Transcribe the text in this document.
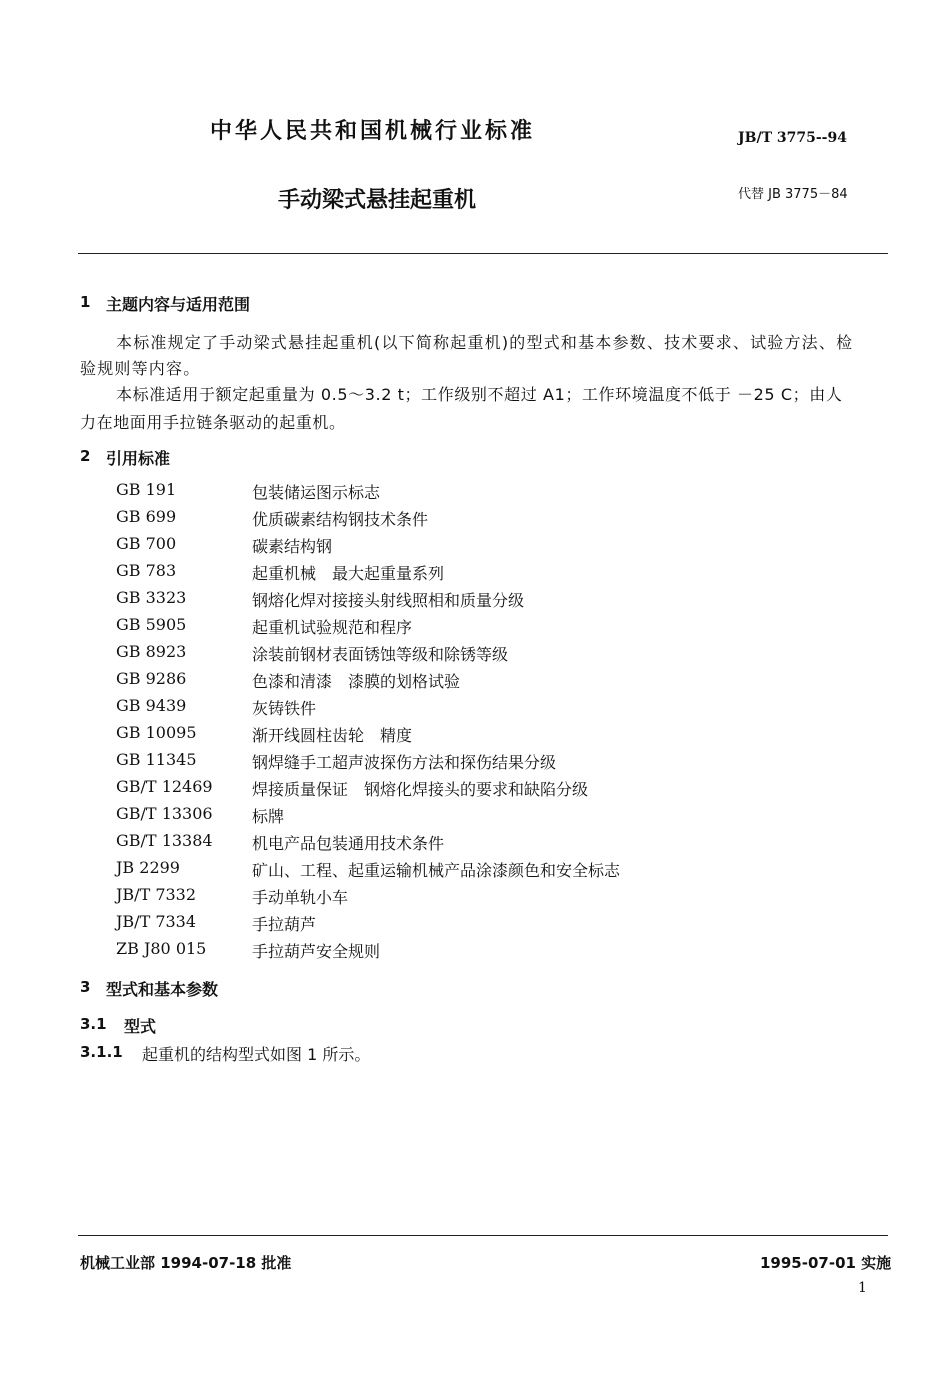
中华人民共和国机械行业标准	JB/T 3775--94
手动梁式悬挂起重机	代替 JB 3775－84
1 主题内容与适用范围
本标准规定了手动梁式悬挂起重机(以下简称起重机)的型式和基本参数、技术要求、试验方法、检
验规则等内容。
本标准适用于额定起重量为 0.5～3.2 t；工作级别不超过 A1；工作环境温度不低于 －25 C；由人
力在地面用手拉链条驱动的起重机。
2 引用标准
GB 191	包装储运图示标志
GB 699	优质碳素结构钢技术条件
GB 700	碳素结构钢
GB 783	起重机械　最大起重量系列
GB 3323	钢熔化焊对接接头射线照相和质量分级
GB 5905	起重机试验规范和程序
GB 8923	涂装前钢材表面锈蚀等级和除锈等级
GB 9286	色漆和清漆　漆膜的划格试验
GB 9439	灰铸铁件
GB 10095	渐开线圆柱齿轮　精度
GB 11345	钢焊缝手工超声波探伤方法和探伤结果分级
GB/T 12469 焊接质量保证　钢熔化焊接头的要求和缺陷分级
GB/T 13306 标牌
GB/T 13384 机电产品包装通用技术条件
JB 2299	矿山、工程、起重运输机械产品涂漆颜色和安全标志
JB/T 7332	手动单轨小车
JB/T 7334	手拉葫芦
ZB J80 015	手拉葫芦安全规则
3 型式和基本参数
3.1 型式
3.1.1 起重机的结构型式如图 1 所示。
机械工业部 1994-07-18 批准	1995-07-01 实施
1
